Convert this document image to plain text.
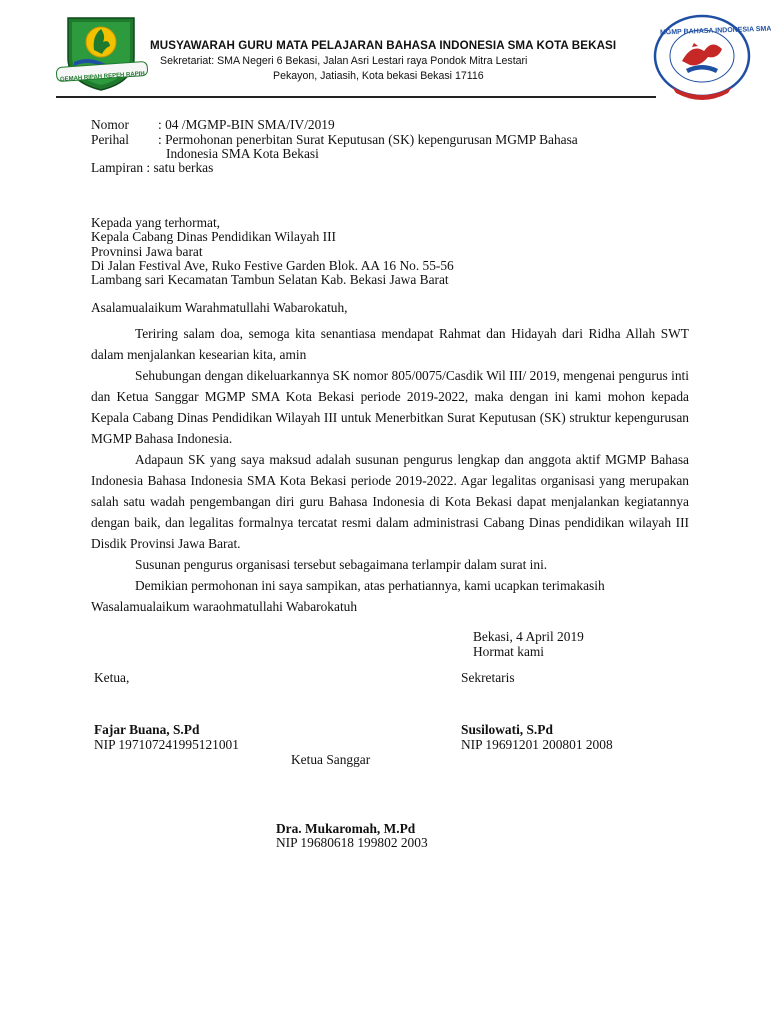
GEMAH RIPAH REPEH RAPIH
MUSYAWARAH GURU MATA PELAJARAN BAHASA INDONESIA SMA KOTA BEKASI
Sekretariat: SMA Negeri 6 Bekasi, Jalan Asri Lestari raya Pondok Mitra Lestari
Pekayon, Jatiasih, Kota bekasi Bekasi 17116
MGMP BAHASA INDONESIA SMA
KOTA BEKASI
Nomor : 04 /MGMP-BIN SMA/IV/2019
Perihal : Permohonan penerbitan Surat Keputusan (SK) kepengurusan MGMP Bahasa
Indonesia SMA Kota Bekasi
Lampiran : satu berkas
Kepada yang terhormat,
Kepala Cabang Dinas Pendidikan Wilayah III
Provninsi Jawa barat
Di Jalan Festival Ave, Ruko Festive Garden Blok. AA 16 No. 55-56
Lambang sari Kecamatan Tambun Selatan Kab. Bekasi Jawa Barat
Asalamualaikum Warahmatullahi Wabarokatuh,

Teriring salam doa, semoga kita senantiasa mendapat Rahmat dan Hidayah dari Ridha Allah SWT dalam menjalankan kesearian kita, amin

Sehubungan dengan dikeluarkannya SK nomor 805/0075/Casdik Wil III/ 2019, mengenai pengurus inti dan Ketua Sanggar MGMP SMA Kota Bekasi periode 2019-2022, maka dengan ini kami mohon kepada Kepala Cabang Dinas Pendidikan Wilayah III untuk Menerbitkan Surat Keputusan (SK) struktur kepengurusan MGMP Bahasa Indonesia.

Adapaun SK yang saya maksud adalah susunan pengurus lengkap dan anggota aktif MGMP Bahasa Indonesia Bahasa Indonesia SMA Kota Bekasi periode 2019-2022. Agar legalitas organisasi yang merupakan salah satu wadah pengembangan diri guru Bahasa Indonesia di Kota Bekasi dapat menjalankan kegiatannya dengan baik, dan legalitas formalnya tercatat resmi dalam administrasi Cabang Dinas pendidikan wilayah III Disdik Provinsi Jawa Barat.

Susunan pengurus organisasi tersebut sebagaimana terlampir dalam surat ini.

Demikian permohonan ini saya sampikan, atas perhatiannya, kami ucapkan terimakasih

Wasalamualaikum waraohmatullahi Wabarokatuh

Bekasi, 4 April 2019
Hormat kami
Ketua,	Sekretaris
Fajar Buana, S.Pd
NIP 197107241995121001
Susilowati, S.Pd
NIP 19691201 200801 2008
Ketua Sanggar
Dra. Mukaromah, M.Pd
NIP 19680618 199802 2003
